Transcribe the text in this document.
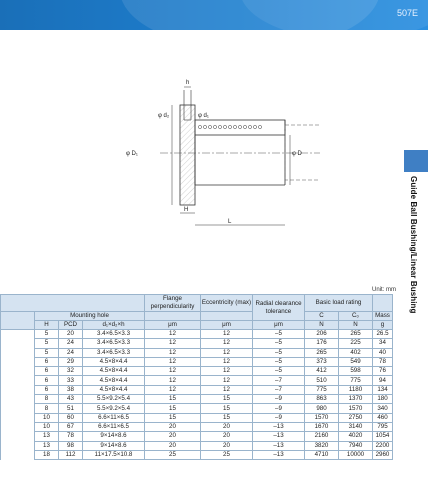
507E
Guide Ball Bushing/Linear Bushing
h
φ d₂	φ d₁
φ D₁	φ D
H
L
Unit: mm
				Flange perpendicularity	Eccentricity (max)	Radial clearance tolerance	Basic load rating		
	Mounting hole						C	C₀	Mass
	H	PCD	d₁×d₂×h	μm	μm	μm	N	N	g
	5	20	3.4×6.5×3.3	12	12	–5	206	265	26.5
	5	24	3.4×6.5×3.3	12	12	–5	176	225	34
	5	24	3.4×6.5×3.3	12	12	–5	265	402	40
	6	29	4.5×8×4.4	12	12	–5	373	549	78
	6	32	4.5×8×4.4	12	12	–5	412	598	76
	6	33	4.5×8×4.4	12	12	–7	510	775	94
	6	38	4.5×8×4.4	12	12	–7	775	1180	134
	8	43	5.5×9.2×5.4	15	15	–9	863	1370	180
	8	51	5.5×9.2×5.4	15	15	–9	980	1570	340
	10	60	6.6×11×6.5	15	15	–9	1570	2750	460
	10	67	6.6×11×6.5	20	20	–13	1670	3140	795
	13	78	9×14×8.6	20	20	–13	2160	4020	1054
	13	98	9×14×8.6	20	20	–13	3820	7940	2200
	18	112	11×17.5×10.8	25	25	–13	4710	10000	2960
